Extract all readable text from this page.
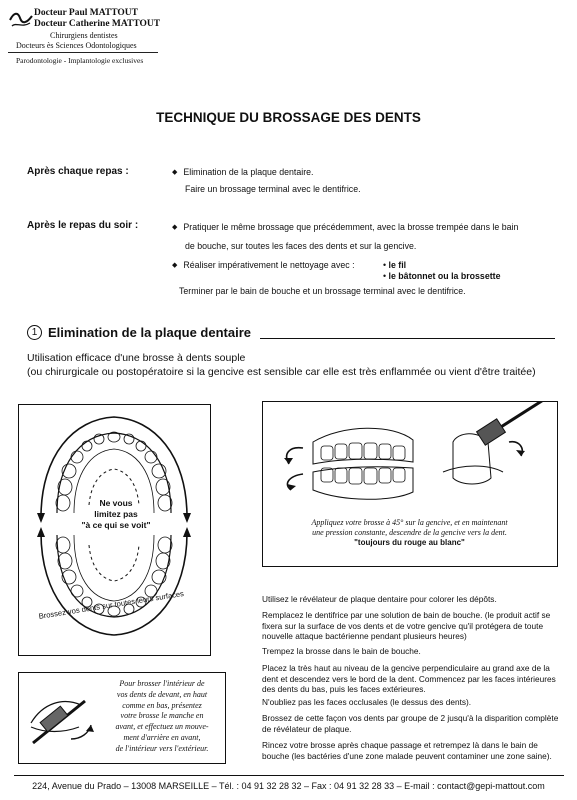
Docteur Paul MATTOUT
Docteur Catherine MATTOUT
Chirurgiens dentistes
Docteurs ès Sciences Odontologiques
Parodontologie - Implantologie exclusives
TECHNIQUE DU BROSSAGE DES DENTS
Après chaque repas :	◆ Elimination de la plaque dentaire.
Faire un brossage terminal avec le dentifrice.
Après le repas du soir :	◆ Pratiquer le même brossage que précédemment, avec la brosse trempée dans le bain
de bouche, sur toutes les faces des dents et sur la gencive.
◆ Réaliser impérativement le nettoyage avec :	• le fil
• le bâtonnet ou la brossette
Terminer par le bain de bouche et un brossage terminal avec le dentifrice.
1 Elimination de la plaque dentaire
Utilisation efficace d'une brosse à dents souple
(ou chirurgicale ou postopératoire si la gencive est sensible car elle est très enflammée ou vient d'être traitée)
Ne vous
limitez pas
"à ce qui se voit"
Brossez vos dents sur toutes leurs surfaces
Appliquez votre brosse à 45° sur la gencive, et en maintenant
une pression constante, descendre de la gencive vers la dent.
"toujours du rouge au blanc"
Pour brosser l'intérieur de
vos dents de devant, en haut
comme en bas, présentez
votre brosse le manche en
avant, et effectuez un mouve-
ment d'arrière en avant,
de l'intérieur vers l'extérieur.
Utilisez le révélateur de plaque dentaire pour colorer les dépôts.
Remplacez le dentifrice par une solution de bain de bouche. (le produit actif se fixera sur la surface de vos dents et de votre gencive qu'il protégera de toute nouvelle attaque bactérienne pendant plusieurs heures)
Trempez la brosse dans le bain de bouche.
Placez la très haut au niveau de la gencive perpendiculaire au grand axe de la dent et descendez vers le bord de la dent. Commencez par les faces intérieures des dents du bas, puis les faces extérieures.
N'oubliez pas les faces occlusales (le dessus des dents).
Brossez de cette façon vos dents par groupe de 2 jusqu'à la disparition complète de révélateur de plaque.
Rincez votre brosse après chaque passage et retrempez là dans le bain de bouche (les bactéries d'une zone malade peuvent contaminer une zone saine).
224, Avenue du Prado – 13008 MARSEILLE – Tél. : 04 91 32 28 32 – Fax : 04 91 32 28 33 – E-mail : contact@gepi-mattout.com
